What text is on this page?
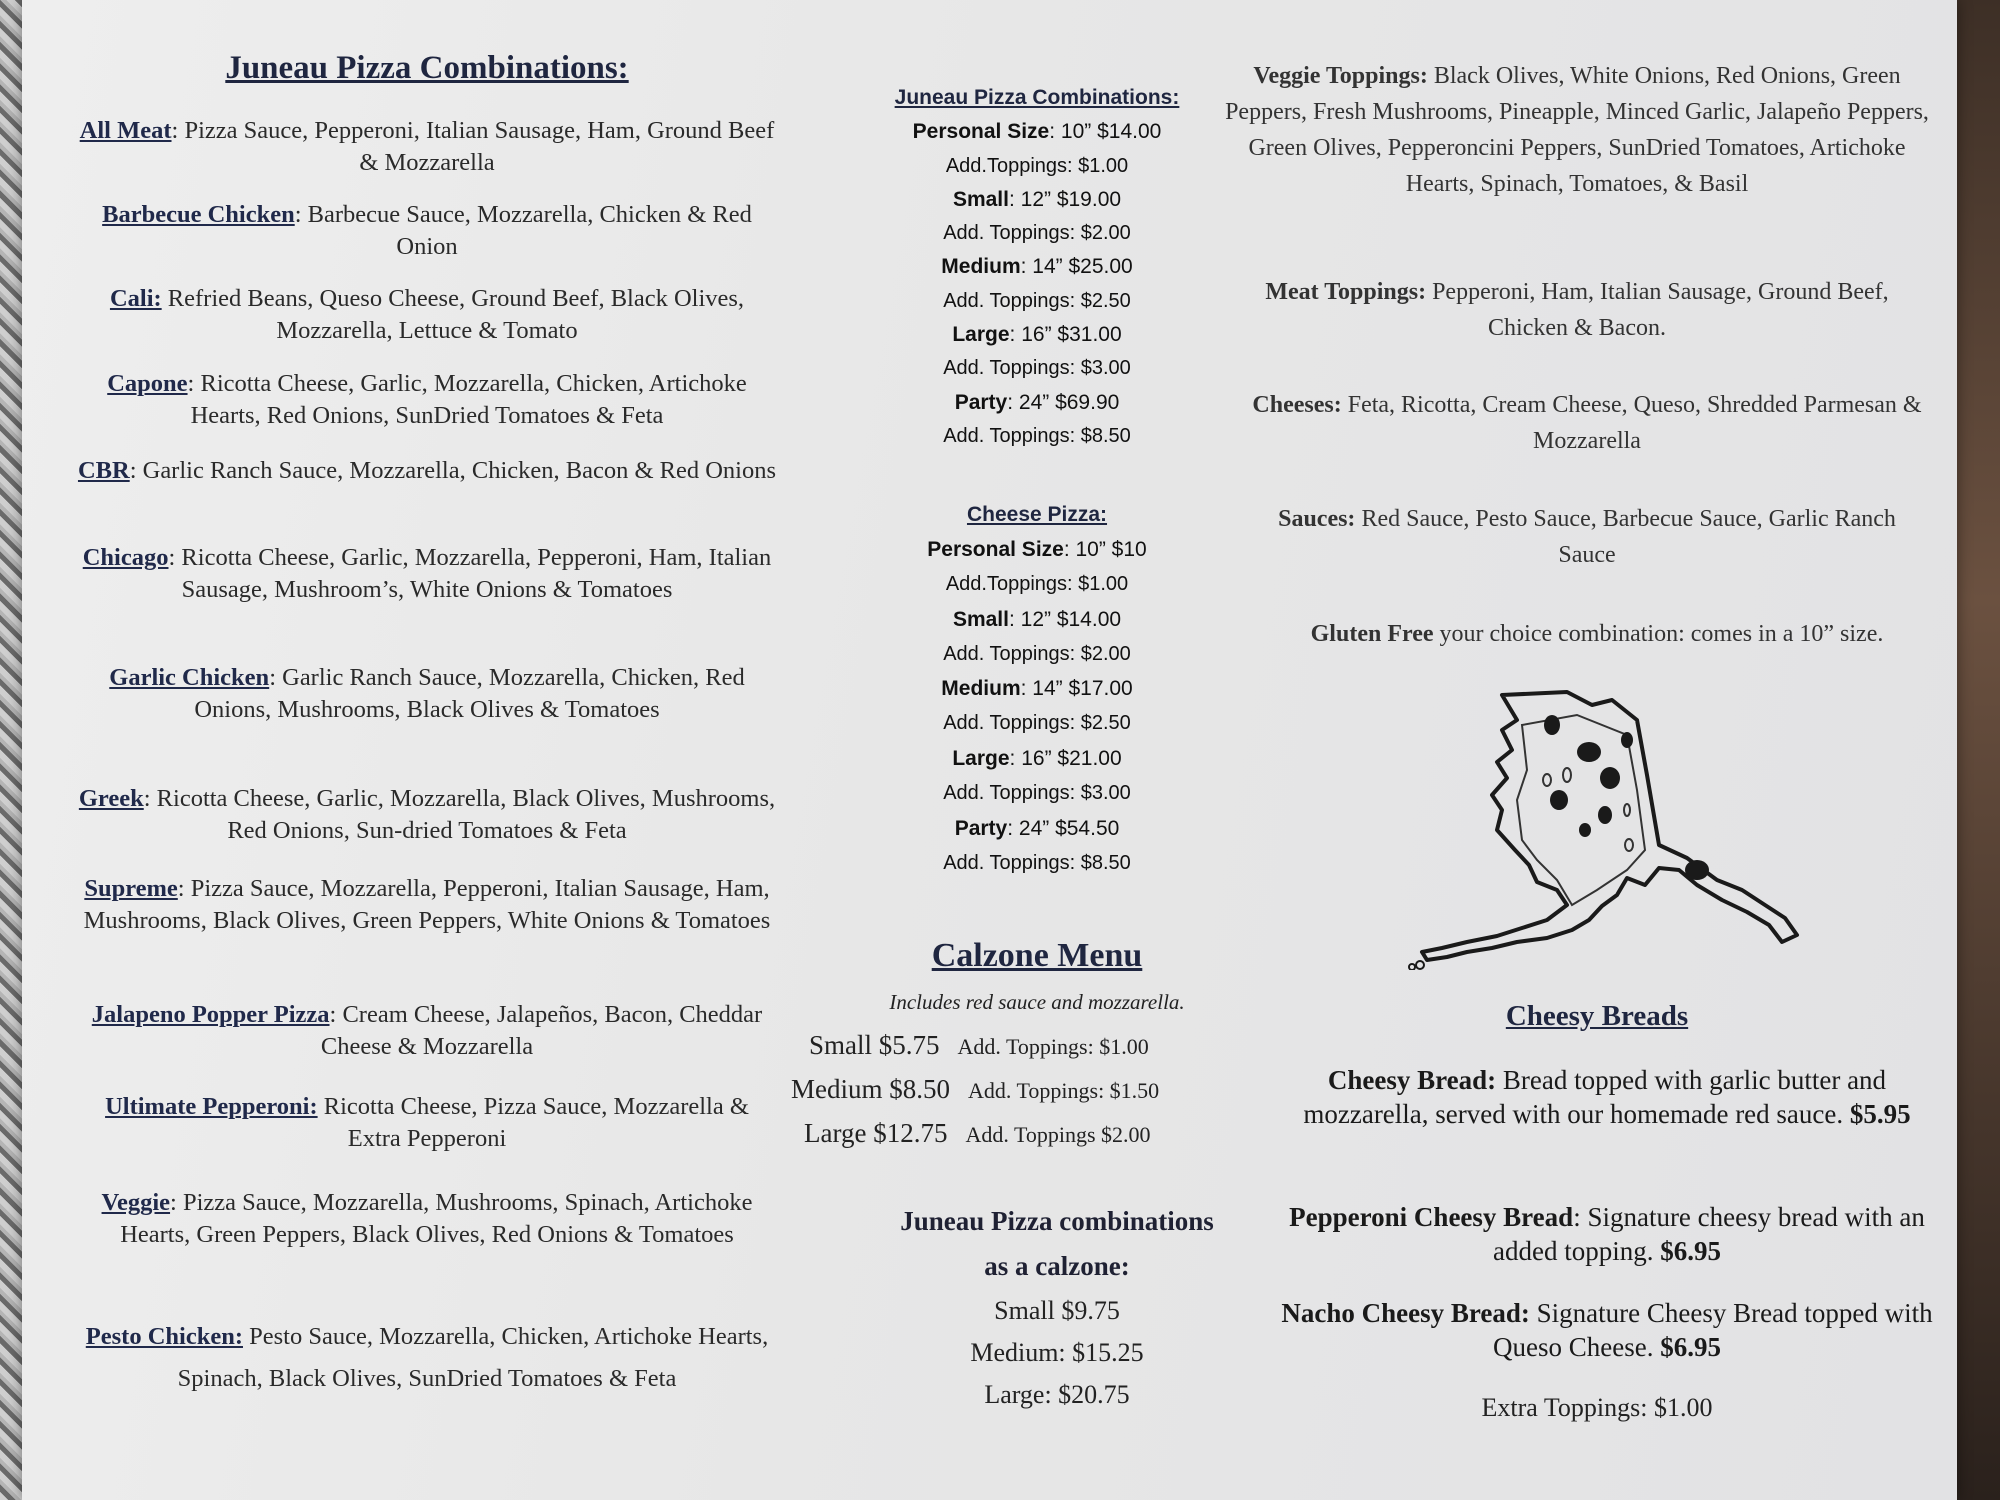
Juneau Pizza Combinations:
All Meat: Pizza Sauce, Pepperoni, Italian Sausage, Ham, Ground Beef & Mozzarella
Barbecue Chicken: Barbecue Sauce, Mozzarella, Chicken & Red Onion
Cali: Refried Beans, Queso Cheese, Ground Beef, Black Olives, Mozzarella, Lettuce & Tomato
Capone: Ricotta Cheese, Garlic, Mozzarella, Chicken, Artichoke Hearts, Red Onions, SunDried Tomatoes & Feta
CBR: Garlic Ranch Sauce, Mozzarella, Chicken, Bacon & Red Onions
Chicago: Ricotta Cheese, Garlic, Mozzarella, Pepperoni, Ham, Italian Sausage, Mushroom’s, White Onions & Tomatoes
Garlic Chicken: Garlic Ranch Sauce, Mozzarella, Chicken, Red Onions, Mushrooms, Black Olives & Tomatoes
Greek: Ricotta Cheese, Garlic, Mozzarella, Black Olives, Mushrooms, Red Onions, Sun-dried Tomatoes & Feta
Supreme: Pizza Sauce, Mozzarella, Pepperoni, Italian Sausage, Ham, Mushrooms, Black Olives, Green Peppers, White Onions & Tomatoes
Jalapeno Popper Pizza: Cream Cheese, Jalapeños, Bacon, Cheddar Cheese & Mozzarella
Ultimate Pepperoni: Ricotta Cheese, Pizza Sauce, Mozzarella & Extra Pepperoni
Veggie: Pizza Sauce, Mozzarella, Mushrooms, Spinach, Artichoke Hearts, Green Peppers, Black Olives, Red Onions & Tomatoes
Pesto Chicken: Pesto Sauce, Mozzarella, Chicken, Artichoke Hearts, Spinach, Black Olives, SunDried Tomatoes & Feta
Juneau Pizza Combinations:
Personal Size: 10” $14.00
Add.Toppings: $1.00
Small: 12” $19.00
Add. Toppings: $2.00
Medium: 14” $25.00
Add. Toppings: $2.50
Large: 16” $31.00
Add. Toppings: $3.00
Party: 24” $69.90
Add. Toppings: $8.50
Cheese Pizza:
Personal Size: 10” $10
Add.Toppings: $1.00
Small: 12” $14.00
Add. Toppings: $2.00
Medium: 14” $17.00
Add. Toppings: $2.50
Large: 16” $21.00
Add. Toppings: $3.00
Party: 24” $54.50
Add. Toppings: $8.50
Calzone Menu
Includes red sauce and mozzarella.
Small $5.75 Add. Toppings: $1.00
Medium $8.50 Add. Toppings: $1.50
Large $12.75 Add. Toppings $2.00
Juneau Pizza combinations
as a calzone:
Small $9.75
Medium: $15.25
Large: $20.75
Veggie Toppings: Black Olives, White Onions, Red Onions, Green Peppers, Fresh Mushrooms, Pineapple, Minced Garlic, Jalapeño Peppers, Green Olives, Pepperoncini Peppers, SunDried Tomatoes, Artichoke Hearts, Spinach, Tomatoes, & Basil
Meat Toppings: Pepperoni, Ham, Italian Sausage, Ground Beef, Chicken & Bacon.
Cheeses: Feta, Ricotta, Cream Cheese, Queso, Shredded Parmesan & Mozzarella
Sauces: Red Sauce, Pesto Sauce, Barbecue Sauce, Garlic Ranch Sauce
Gluten Free your choice combination: comes in a 10” size.
Cheesy Breads
Cheesy Bread: Bread topped with garlic butter and mozzarella, served with our homemade red sauce. $5.95
Pepperoni Cheesy Bread: Signature cheesy bread with an added topping. $6.95
Nacho Cheesy Bread: Signature Cheesy Bread topped with Queso Cheese. $6.95
Extra Toppings: $1.00
